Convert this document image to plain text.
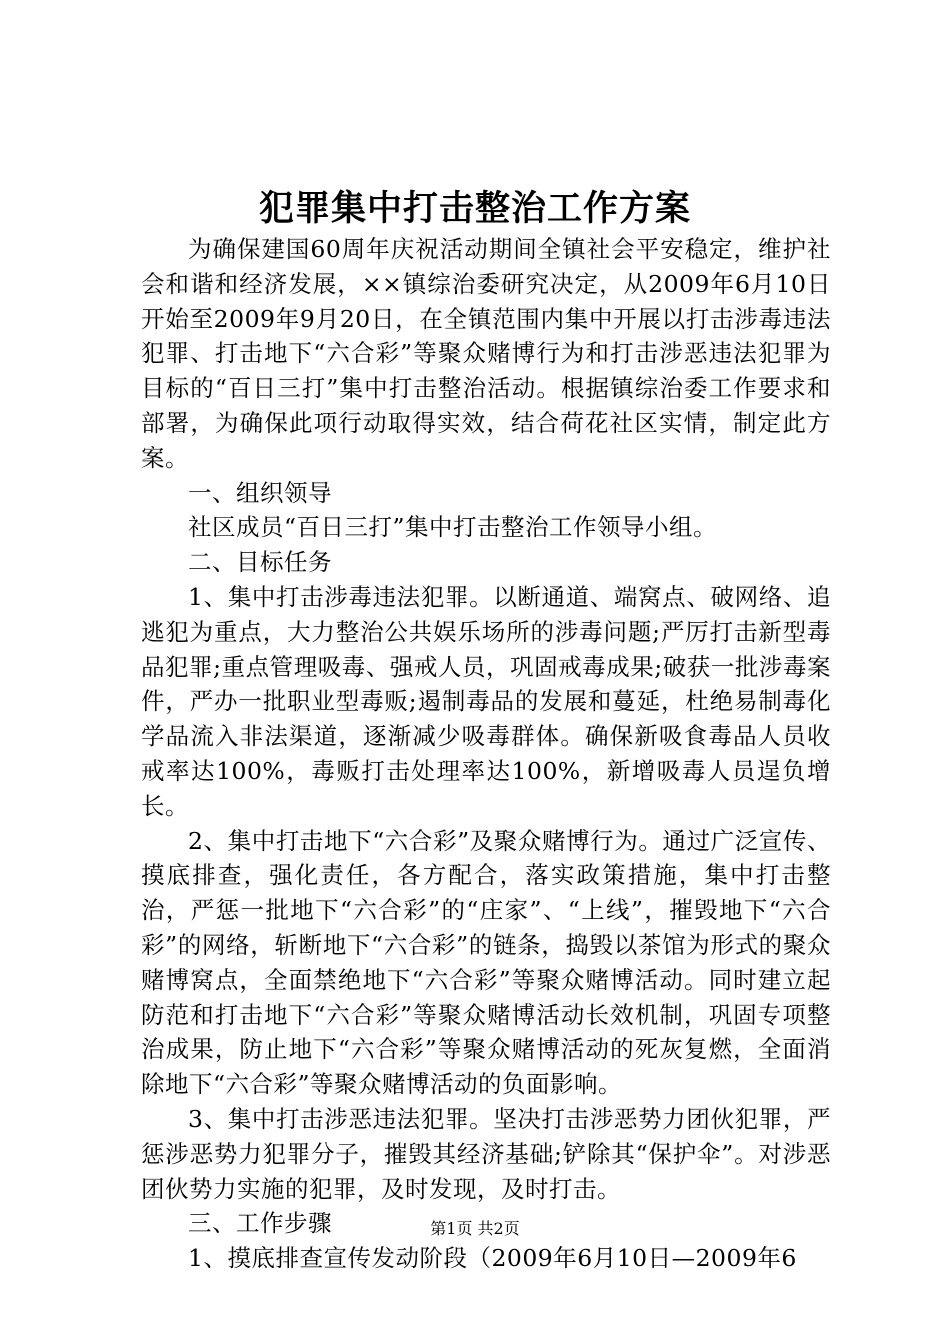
犯罪集中打击整治工作方案

为确保建国60周年庆祝活动期间全镇社会平安稳定，维护社会和谐和经济发展，××镇综治委研究决定，从2009年6月10日开始至2009年9月20日，在全镇范围内集中开展以打击涉毒违法犯罪、打击地下“六合彩”等聚众赌博行为和打击涉恶违法犯罪为目标的“百日三打”集中打击整治活动。根据镇综治委工作要求和部署，为确保此项行动取得实效，结合荷花社区实情，制定此方案。

一、组织领导

社区成员“百日三打”集中打击整治工作领导小组。

二、目标任务

1、集中打击涉毒违法犯罪。以断通道、端窝点、破网络、追逃犯为重点，大力整治公共娱乐场所的涉毒问题;严厉打击新型毒品犯罪;重点管理吸毒、强戒人员，巩固戒毒成果;破获一批涉毒案件，严办一批职业型毒贩;遏制毒品的发展和蔓延，杜绝易制毒化学品流入非法渠道，逐渐减少吸毒群体。确保新吸食毒品人员收戒率达100%，毒贩打击处理率达100%，新增吸毒人员逞负增长。

2、集中打击地下“六合彩”及聚众赌博行为。通过广泛宣传、摸底排查，强化责任，各方配合，落实政策措施，集中打击整治，严惩一批地下“六合彩”的“庄家”、“上线”，摧毁地下“六合彩”的网络，斩断地下“六合彩”的链条，捣毁以茶馆为形式的聚众赌博窝点，全面禁绝地下“六合彩”等聚众赌博活动。同时建立起防范和打击地下“六合彩”等聚众赌博活动长效机制，巩固专项整治成果，防止地下“六合彩”等聚众赌博活动的死灰复燃，全面消除地下“六合彩”等聚众赌博活动的负面影响。

3、集中打击涉恶违法犯罪。坚决打击涉恶势力团伙犯罪，严惩涉恶势力犯罪分子，摧毁其经济基础;铲除其“保护伞”。对涉恶团伙势力实施的犯罪，及时发现，及时打击。

三、工作步骤

1、摸底排查宣传发动阶段（2009年6月10日—2009年6

第1页 共2页
